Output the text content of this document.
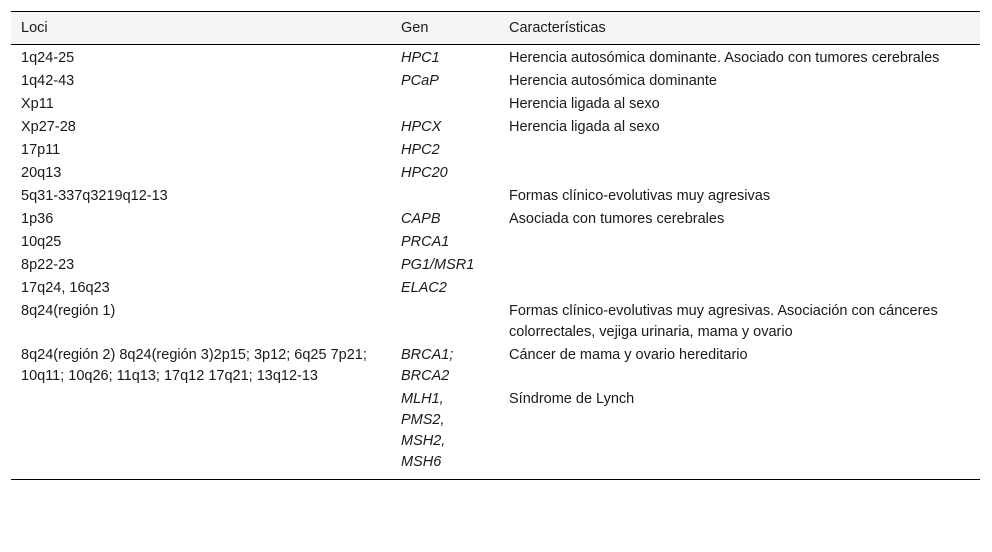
Loci	Gen	Características
1q24-25	HPC1	Herencia autosómica dominante. Asociado con tumores cerebrales
1q42-43	PCaP	Herencia autosómica dominante
Xp11		Herencia ligada al sexo
Xp27-28	HPCX	Herencia ligada al sexo
17p11	HPC2	
20q13	HPC20	
5q31-337q3219q12-13		Formas clínico-evolutivas muy agresivas
1p36	CAPB	Asociada con tumores cerebrales
10q25	PRCA1	
8p22-23	PG1/MSR1	
17q24, 16q23	ELAC2	
8q24(región 1)		Formas clínico-evolutivas muy agresivas. Asociación con cánceres colorrectales, vejiga urinaria, mama y ovario
8q24(región 2) 8q24(región 3)2p15; 3p12; 6q25 7p21; 10q11; 10q26; 11q13; 17q12 17q21; 13q12-13	BRCA1; BRCA2	Cáncer de mama y ovario hereditario
	MLH1, PMS2, MSH2, MSH6	Síndrome de Lynch
